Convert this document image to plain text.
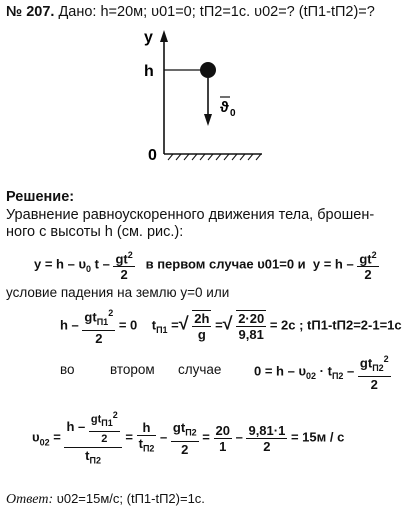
№ 207. Дано: h=20м; υ01=0; tП2=1с. υ02=? (tП1-tП2)=?
y
h
0
ϑ 0
Решение:
Уравнение равноускоренного движения тела, брошен-
ного с высоты h (см. рис.):
$y = h - \upsilon_0$ t – $\frac{gt^2}{2}$ в первом случае υ01=0 и $y = h - \frac{gt^2}{2}$
условие падения на землю y=0 или
$h - \frac{gt_{П1}^2}{2} = 0$ $t_{П1}$ =√ $\frac{2h}{g}$ =√ $\frac{2\cdot 20}{9,81} = 2с$ ; tП1-tП2=2-1=1с
во	втором случае	$0 = h - \upsilon_{02} \cdot t_{П2} - \frac{gt_{П2}^2}{2}$
$\upsilon_{02} = \frac{h - \frac{gt_{П1}^2}{2}}{t_{П2}} = \frac{h}{t_{П2}} - \frac{gt_{П2}}{2} = \frac{20}{1} - \frac{9,81\cdot 1}{2} = 15м / с$
Ответ: υ02=15м/с; (tП1-tП2)=1с.
